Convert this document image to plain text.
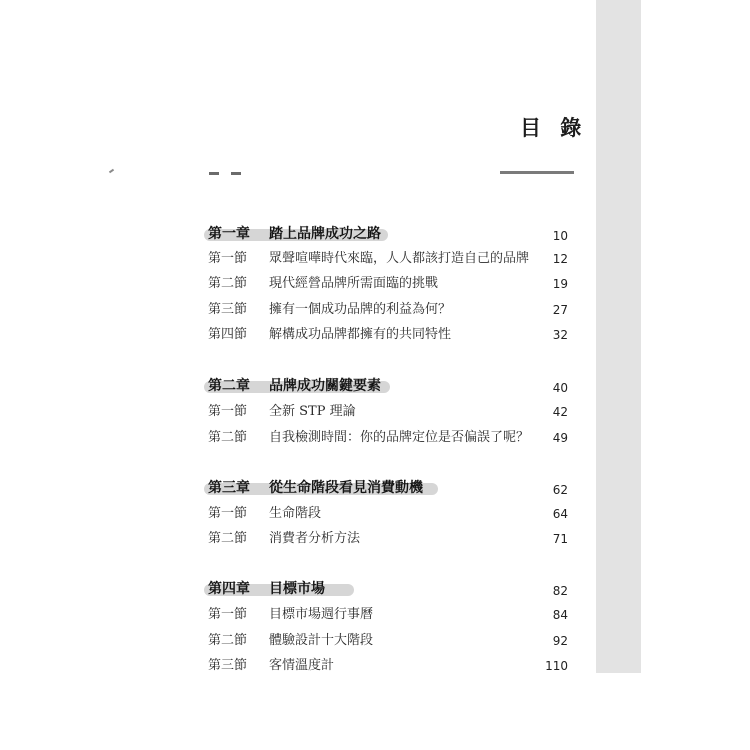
目 錄
第一章 踏上品牌成功之路	10
第一節 眾聲喧嘩時代來臨，人人都該打造自己的品牌 12
第二節 現代經營品牌所需面臨的挑戰	19
第三節 擁有一個成功品牌的利益為何？	27
第四節 解構成功品牌都擁有的共同特性	32
第二章 品牌成功關鍵要素	40
第一節 全新 STP 理論	42
第二節 自我檢測時間：你的品牌定位是否偏誤了呢？ 49
第三章 從生命階段看見消費動機	62
第一節 生命階段	64
第二節 消費者分析方法	71
第四章 目標市場	82
第一節 目標市場週行事曆	84
第二節 體驗設計十大階段	92
第三節 客情溫度計	110
